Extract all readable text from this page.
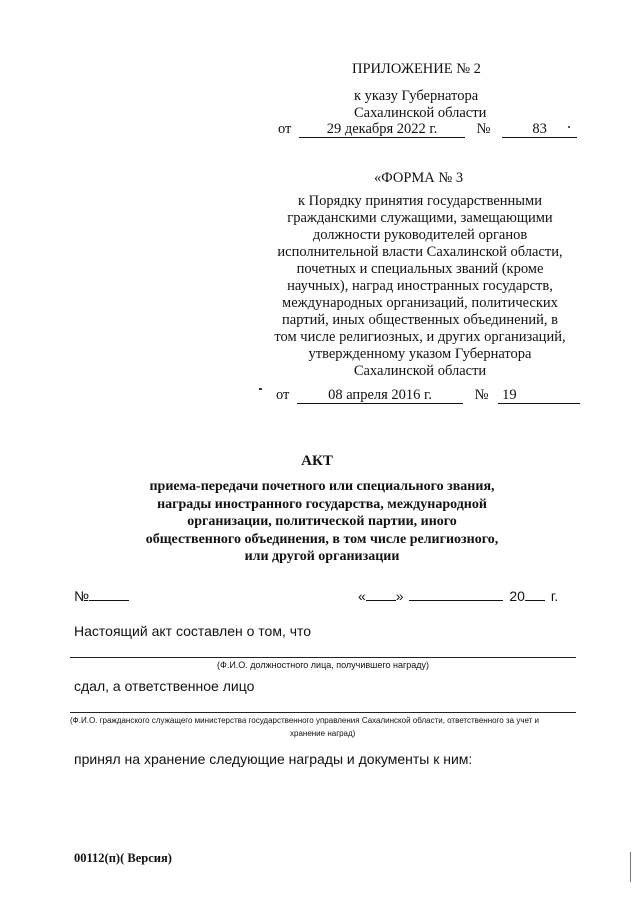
ПРИЛОЖЕНИЕ № 2
к указу Губернатора
Сахалинской области
от 29 декабря 2022 г.	№	83
«ФОРМА № 3
к Порядку принятия государственными
гражданскими служащими, замещающими
должности руководителей органов
исполнительной власти Сахалинской области,
почетных и специальных званий (кроме
научных), наград иностранных государств,
международных организаций, политических
партий, иных общественных объединений, в
том числе религиозных, и других организаций,
утвержденному указом Губернатора
Сахалинской области
от	08 апреля 2016 г.	№ 19
АКТ
приема-передачи почетного или специального звания,
награды иностранного государства, международной
организации, политической партии, иного
общественного объединения, в том числе религиозного,
или другой организации
№	« »	20 г.
Настоящий акт составлен о том, что
(Ф.И.О. должностного лица, получившего награду)
сдал, а ответственное лицо
(Ф.И.О. гражданского служащего министерства государственного управления Сахалинской области, ответственного за учет и
хранение наград)
принял на хранение следующие награды и документы к ним:
00112(п)( Версия)
